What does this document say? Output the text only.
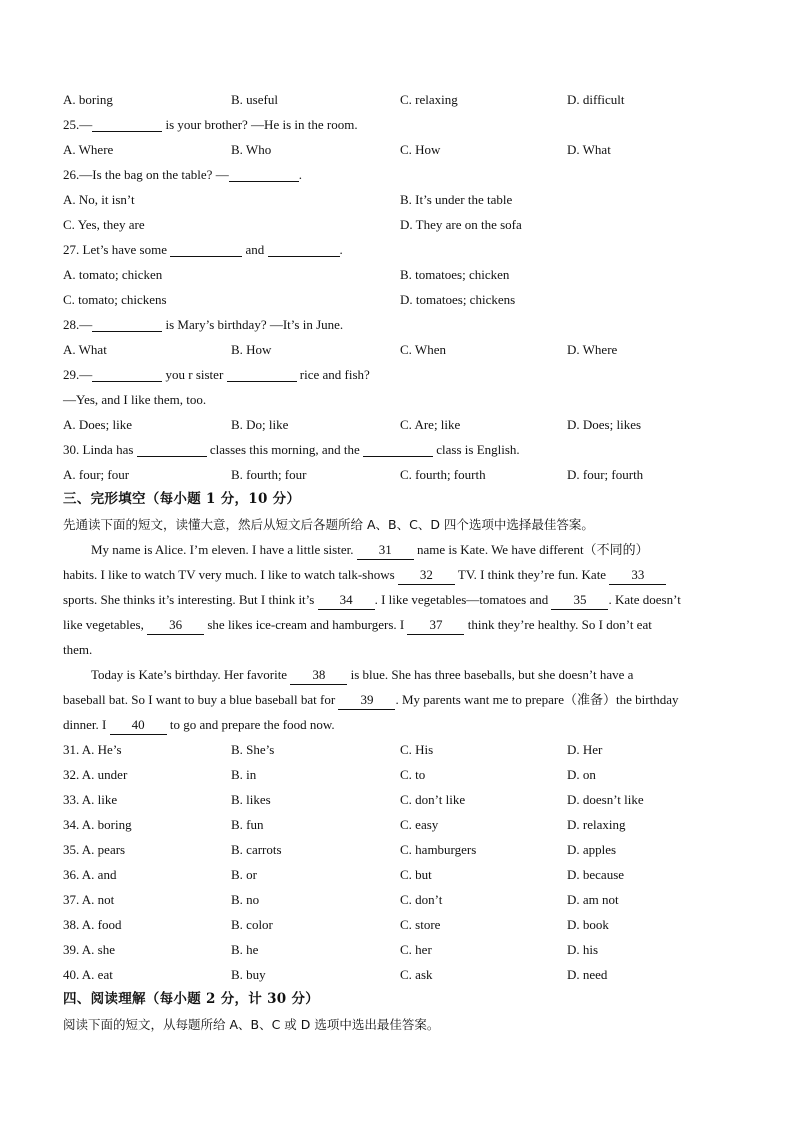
A. boring	B. useful	C. relaxing	D. difficult
25.—	is your brother? —He is in the room.
A. Where	B. Who	C. How	D. What
26.—Is the bag on the table? —	.
A. No, it isn’t	B. It’s under the table
C. Yes, they are	D. They are on the sofa
27. Let’s have some	and	.
A. tomato; chicken	B. tomatoes; chicken
C. tomato; chickens	D. tomatoes; chickens
28.—	is Mary’s birthday? —It’s in June.
A. What	B. How	C. When	D. Where
29.—	you r sister	rice and fish?
—Yes, and I like them, too.
A. Does; like	B. Do; like	C. Are; like	D. Does; likes
30. Linda has	classes this morning, and the	class is English.
A. four; four	B. fourth; four	C. fourth; fourth	D. four; fourth
三、完形填空（每小题 1 分，10 分）
先通读下面的短文，读懂大意，然后从短文后各题所给 A、B、C、D 四个选项中选择最佳答案。
My name is Alice. I’m eleven. I have a little sister. 31 name is Kate. We have different（不同的）
habits. I like to watch TV very much. I like to watch talk-shows 32 TV. I think they’re fun. Kate 33
sports. She thinks it’s interesting. But I think it’s 34 . I like vegetables—tomatoes and 35 . Kate doesn’t
like vegetables, 36 she likes ice-cream and hamburgers. I 37 think they’re healthy. So I don’t eat
them.
Today is Kate’s birthday. Her favorite 38 is blue. She has three baseballs, but she doesn’t have a
baseball bat. So I want to buy a blue baseball bat for 39 . My parents want me to prepare（准备）the birthday
dinner. I 40 to go and prepare the food now.
31. A. He’s	B. She’s	C. His	D. Her
32. A. under	B. in	C. to	D. on
33. A. like	B. likes	C. don’t like	D. doesn’t like
34. A. boring	B. fun	C. easy	D. relaxing
35. A. pears	B. carrots	C. hamburgers	D. apples
36. A. and	B. or	C. but	D. because
37. A. not	B. no	C. don’t	D. am not
38. A. food	B. color	C. store	D. book
39. A. she	B. he	C. her	D. his
40. A. eat	B. buy	C. ask	D. need
四、阅读理解（每小题 2 分，计 30 分）
阅读下面的短文，从每题所给 A、B、C 或 D 选项中选出最佳答案。
